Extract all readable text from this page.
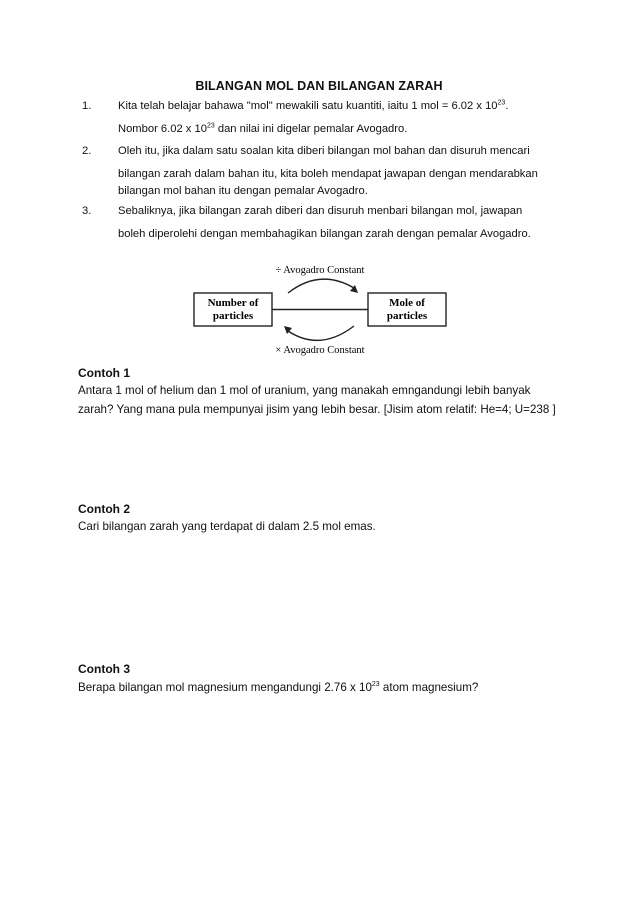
BILANGAN MOL DAN BILANGAN ZARAH
1.	Kita telah belajar bahawa "mol" mewakili satu kuantiti, iaitu 1 mol = 6.02 x $10^{23}$.
Nombor 6.02 x $10^{23}$ dan nilai ini digelar pemalar Avogadro.
2.	Oleh itu, jika dalam satu soalan kita diberi bilangan mol bahan dan disuruh mencari
bilangan zarah dalam bahan itu, kita boleh mendapat jawapan dengan mendarabkan
bilangan mol bahan itu dengan pemalar Avogadro.
3.	Sebaliknya, jika bilangan zarah diberi dan disuruh menbari bilangan mol, jawapan
boleh diperolehi dengan membahagikan bilangan zarah dengan pemalar Avogadro.
÷ Avogadro Constant
Number of
particles
Mole of
particles
× Avogadro Constant
Contoh 1
Antara 1 mol of helium dan 1 mol of uranium, yang manakah emngandungi lebih banyak
zarah? Yang mana pula mempunyai jisim yang lebih besar. [Jisim atom relatif: He=4; U=238 ]
Contoh 2
Cari bilangan zarah yang terdapat di dalam 2.5 mol emas.
Contoh 3
Berapa bilangan mol magnesium mengandungi 2.76 x $10^{23}$ atom magnesium?
